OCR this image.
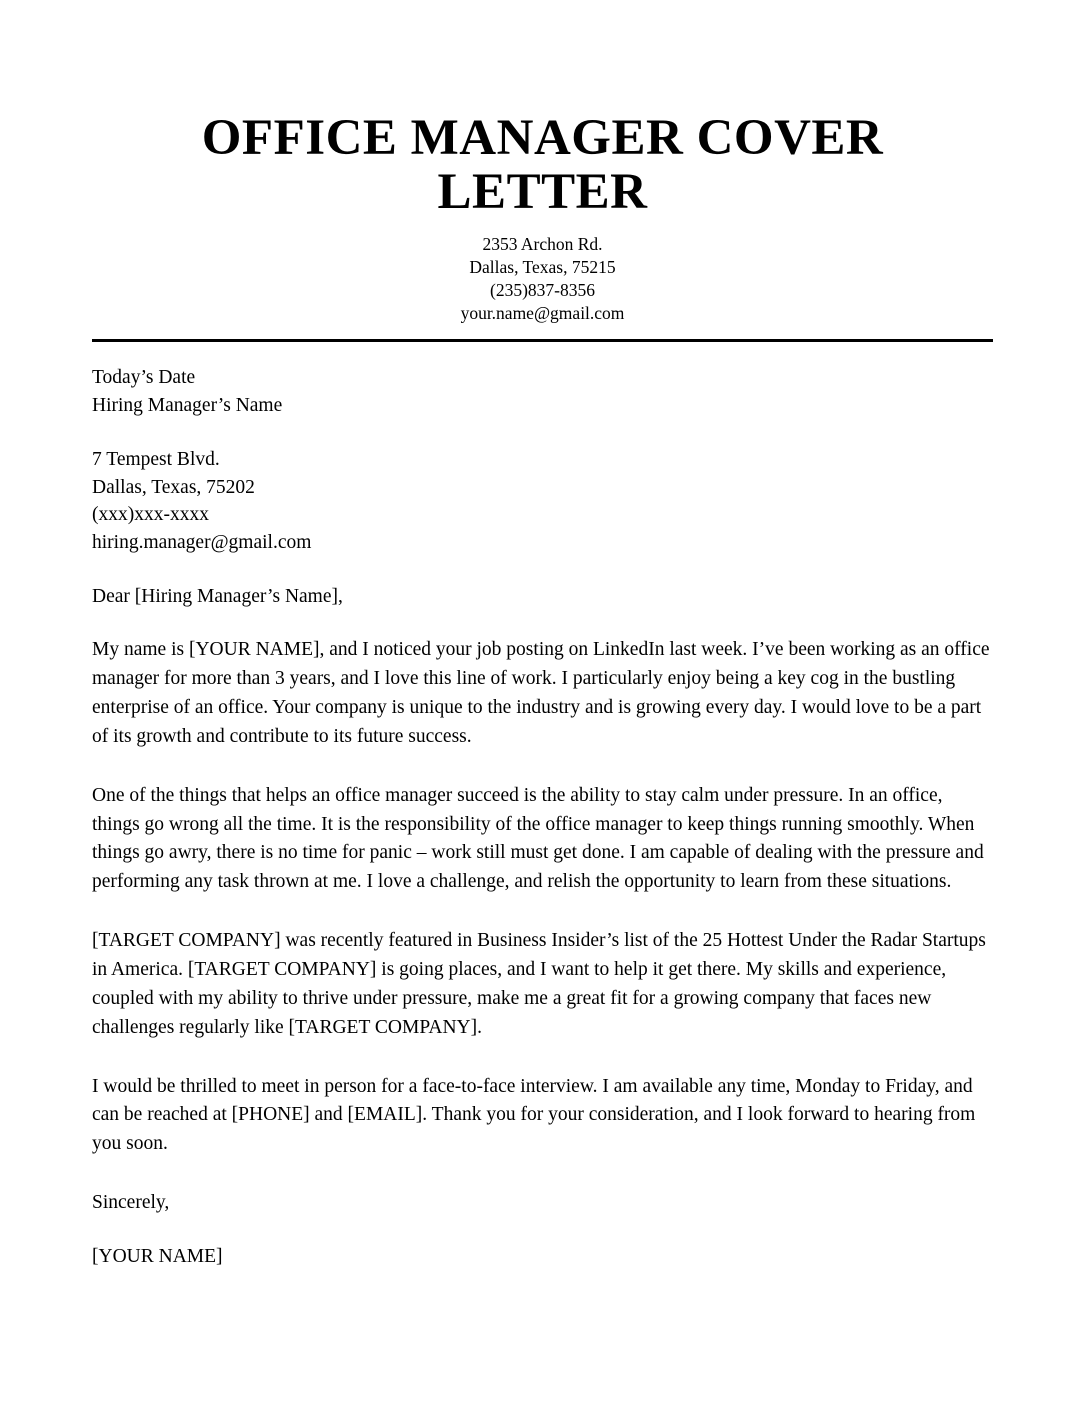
OFFICE MANAGER COVER LETTER
2353 Archon Rd.
Dallas, Texas, 75215
(235)837-8356
your.name@gmail.com
Today’s Date
Hiring Manager’s Name
7 Tempest Blvd.
Dallas, Texas, 75202
(xxx)xxx-xxxx
hiring.manager@gmail.com
Dear [Hiring Manager’s Name],

My name is [YOUR NAME], and I noticed your job posting on LinkedIn last week. I’ve been working as an office manager for more than 3 years, and I love this line of work. I particularly enjoy being a key cog in the bustling enterprise of an office. Your company is unique to the industry and is growing every day. I would love to be a part of its growth and contribute to its future success.

One of the things that helps an office manager succeed is the ability to stay calm under pressure. In an office, things go wrong all the time. It is the responsibility of the office manager to keep things running smoothly. When things go awry, there is no time for panic – work still must get done. I am capable of dealing with the pressure and performing any task thrown at me. I love a challenge, and relish the opportunity to learn from these situations.

[TARGET COMPANY] was recently featured in Business Insider’s list of the 25 Hottest Under the Radar Startups in America. [TARGET COMPANY] is going places, and I want to help it get there. My skills and experience, coupled with my ability to thrive under pressure, make me a great fit for a growing company that faces new challenges regularly like [TARGET COMPANY].

I would be thrilled to meet in person for a face-to-face interview. I am available any time, Monday to Friday, and can be reached at [PHONE] and [EMAIL]. Thank you for your consideration, and I look forward to hearing from you soon.

Sincerely,
[YOUR NAME]
